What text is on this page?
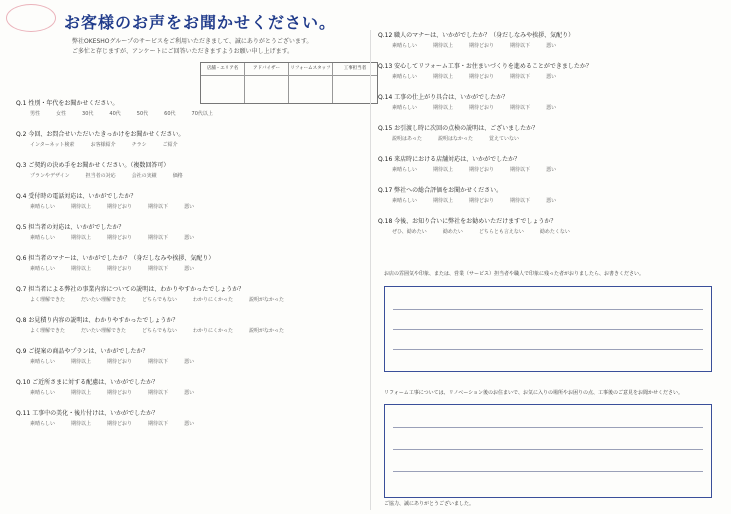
お客様のお声をお聞かせください。
弊社OKESHOグループのサービスをご利用いただきまして、誠にありがとうございます。
ご多忙と存じますが、アンケートにご回答いただきますようお願い申し上げます。
店舗・エリア名	アドバイザー	リフォームスタッフ	工事担当者
Q.1 性別・年代をお聞かせください。
男性	女性	30代	40代	50代	60代	70代以上
Q.2 今回、お問合せいただいたきっかけをお聞かせください。
インターネット検索	お客様紹介	チラシ	ご紹介
Q.3 ご契約の決め手をお聞かせください。（複数回答可）
プランやデザイン	担当者の対応	会社の実績	価格
Q.4 受付時の電話対応は、いかがでしたか？
素晴らしい	期待以上	期待どおり	期待以下	悪い
Q.5 担当者の対応は、いかがでしたか？
素晴らしい	期待以上	期待どおり	期待以下	悪い
Q.6 担当者のマナーは、いかがでしたか？（身だしなみや挨拶、気配り）
素晴らしい	期待以上	期待どおり	期待以下	悪い
Q.7 担当者による弊社の事業内容についての説明は、わかりやすかったでしょうか？
よく理解できた	だいたい理解できた	どちらでもない	わかりにくかった	説明がなかった
Q.8 お見積り内容の説明は、わかりやすかったでしょうか？
よく理解できた	だいたい理解できた	どちらでもない	わかりにくかった	説明がなかった
Q.9 ご提案の商品やプランは、いかがでしたか？
素晴らしい	期待以上	期待どおり	期待以下	悪い
Q.10 ご近所さまに対する配慮は、いかがでしたか？
素晴らしい	期待以上	期待どおり	期待以下	悪い
Q.11 工事中の美化・後片付けは、いかがでしたか？
素晴らしい	期待以上	期待どおり	期待以下	悪い
Q.12 職人のマナーは、いかがでしたか？（身だしなみや挨拶、気配り）
素晴らしい	期待以上	期待どおり	期待以下	悪い
Q.13 安心してリフォーム工事・お住まいづくりを進めることができましたか？
素晴らしい	期待以上	期待どおり	期待以下	悪い
Q.14 工事の仕上がり具合は、いかがでしたか？
素晴らしい	期待以上	期待どおり	期待以下	悪い
Q.15 お引渡し時に次回の点検の説明は、ございましたか？
説明はあった	説明はなかった	覚えていない
Q.16 来店時における店舗対応は、いかがでしたか？
素晴らしい	期待以上	期待どおり	期待以下	悪い
Q.17 弊社への総合評価をお聞かせください。
素晴らしい	期待以上	期待どおり	期待以下	悪い
Q.18 今後、お知り合いに弊社をお勧めいただけますでしょうか？
ぜひ、勧めたい	勧めたい	どちらとも言えない	勧めたくない
お店の雰囲気や印象、または、営業（サービス）担当者や職人で印象に残った者がおりましたら、お書きください。
リフォーム工事については、リノベーション後のお住まいで、お気に入りの場所やお困りの点、工事後のご意見をお聞かせください。
ご協力、誠にありがとうございました。
